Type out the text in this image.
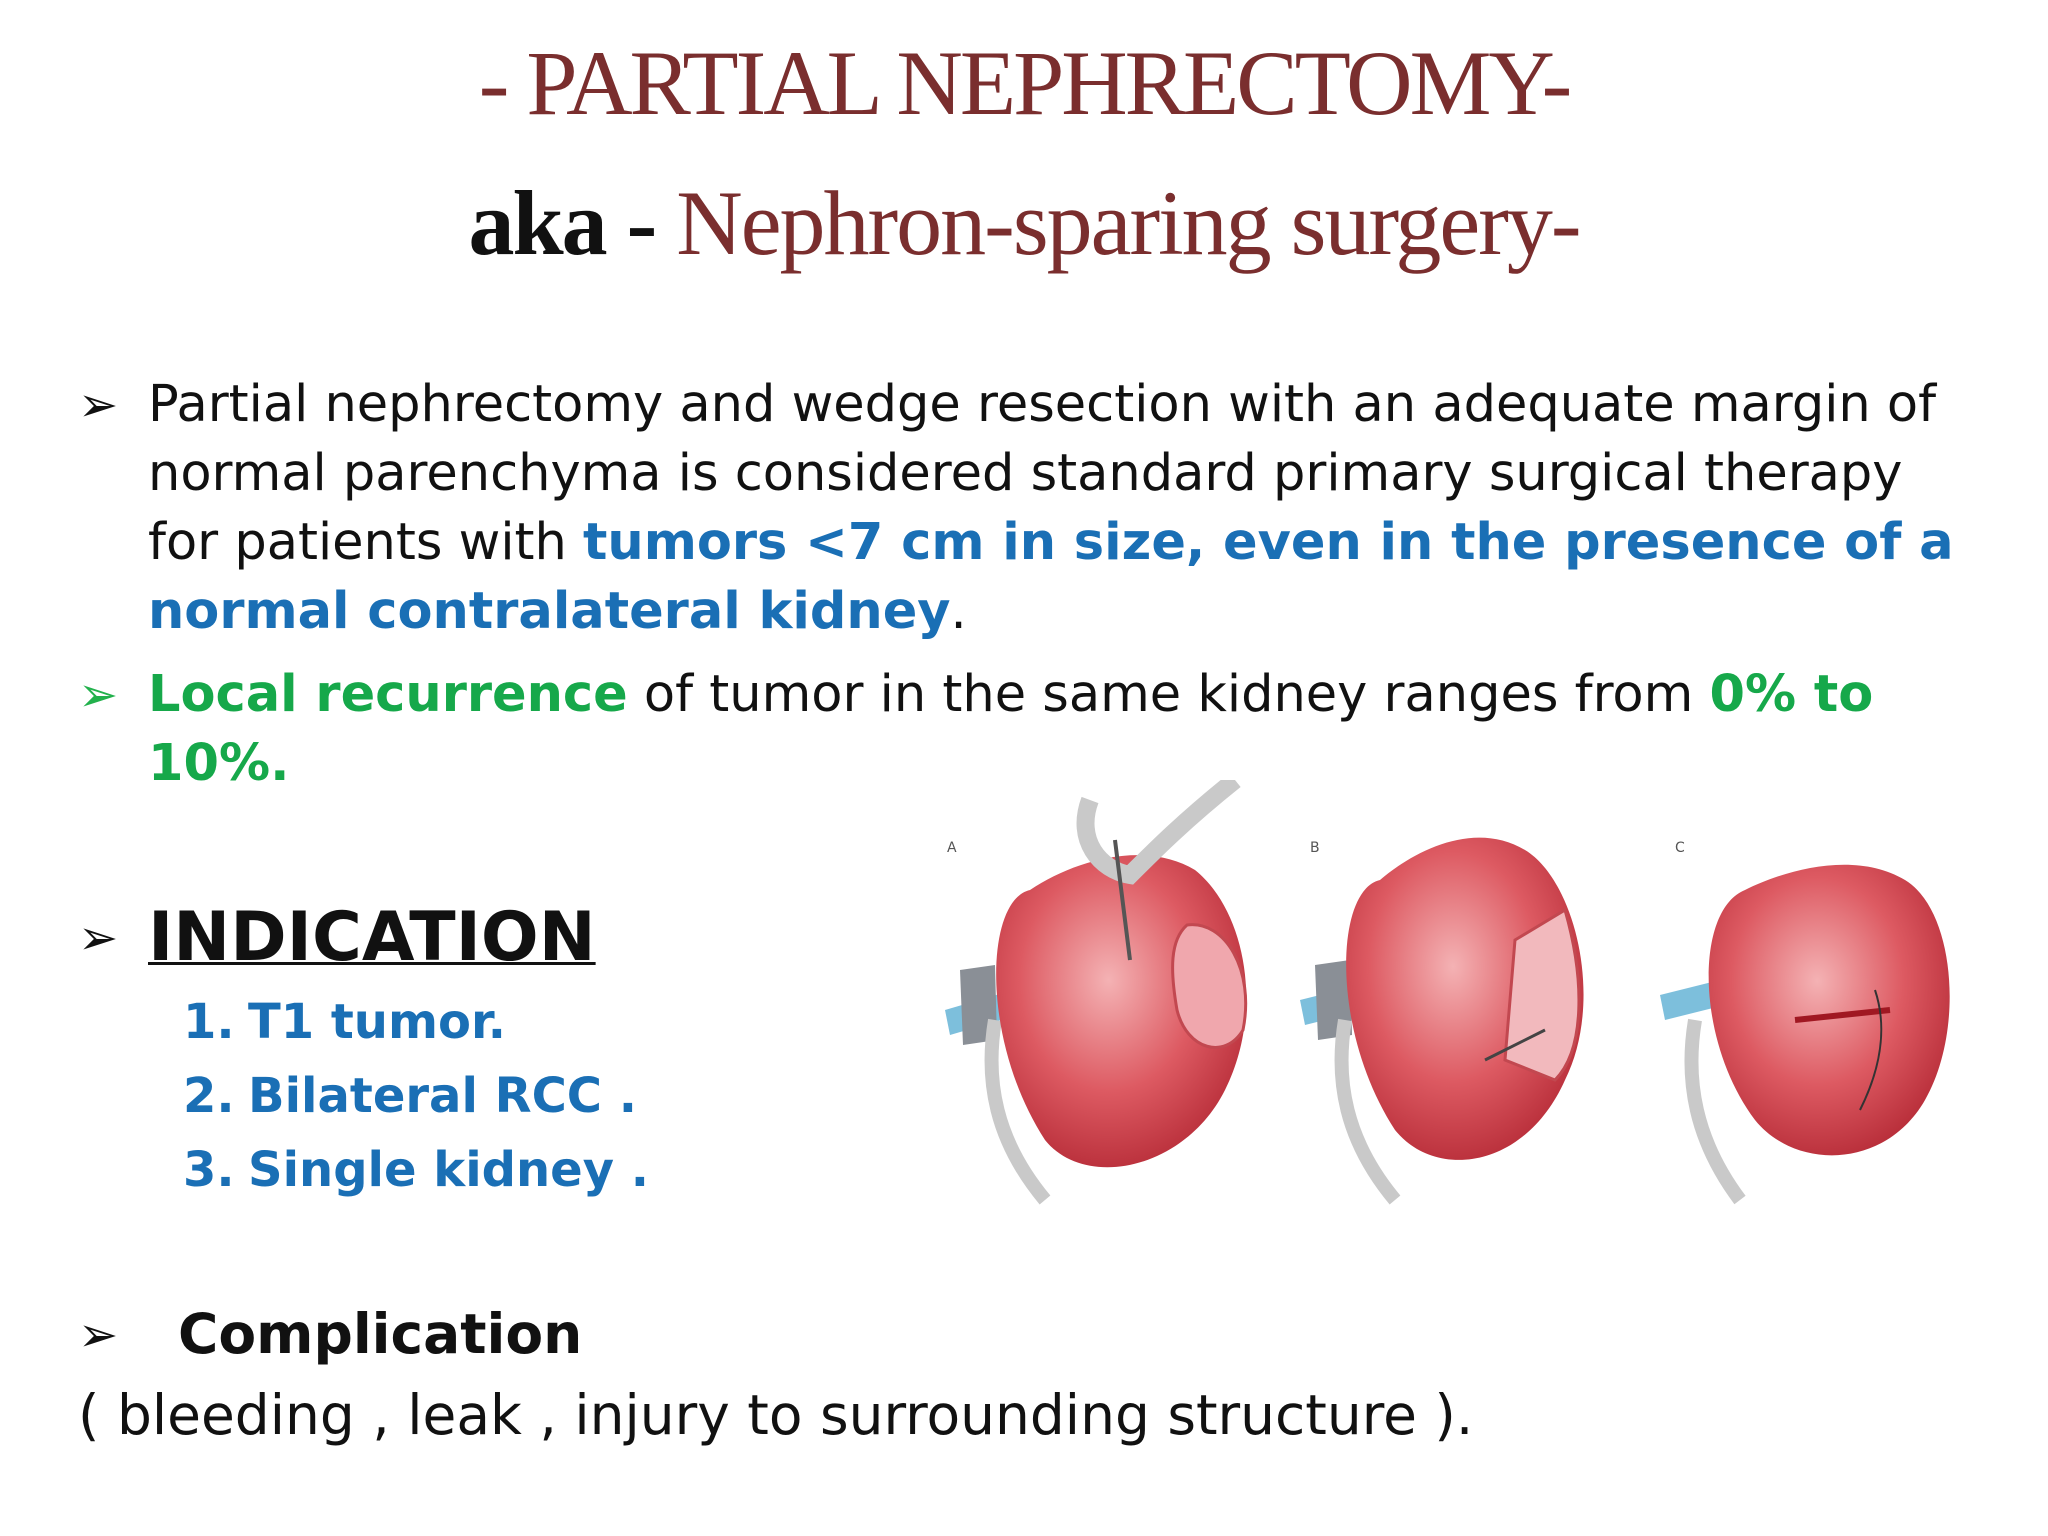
- PARTIAL NEPHRECTOMY-
aka - Nephron-sparing surgery-
➢ Partial nephrectomy and wedge resection with an adequate margin of normal parenchyma is considered standard primary surgical therapy for patients with tumors <7 cm in size, even in the presence of a normal contralateral kidney.
➢ Local recurrence of tumor in the same kidney ranges from 0% to 10%.
➢ INDICATION
1. T1 tumor.
2. Bilateral RCC .
3. Single kidney .
➢	Complication
( bleeding , leak , injury to surrounding structure ).
A	B	C
